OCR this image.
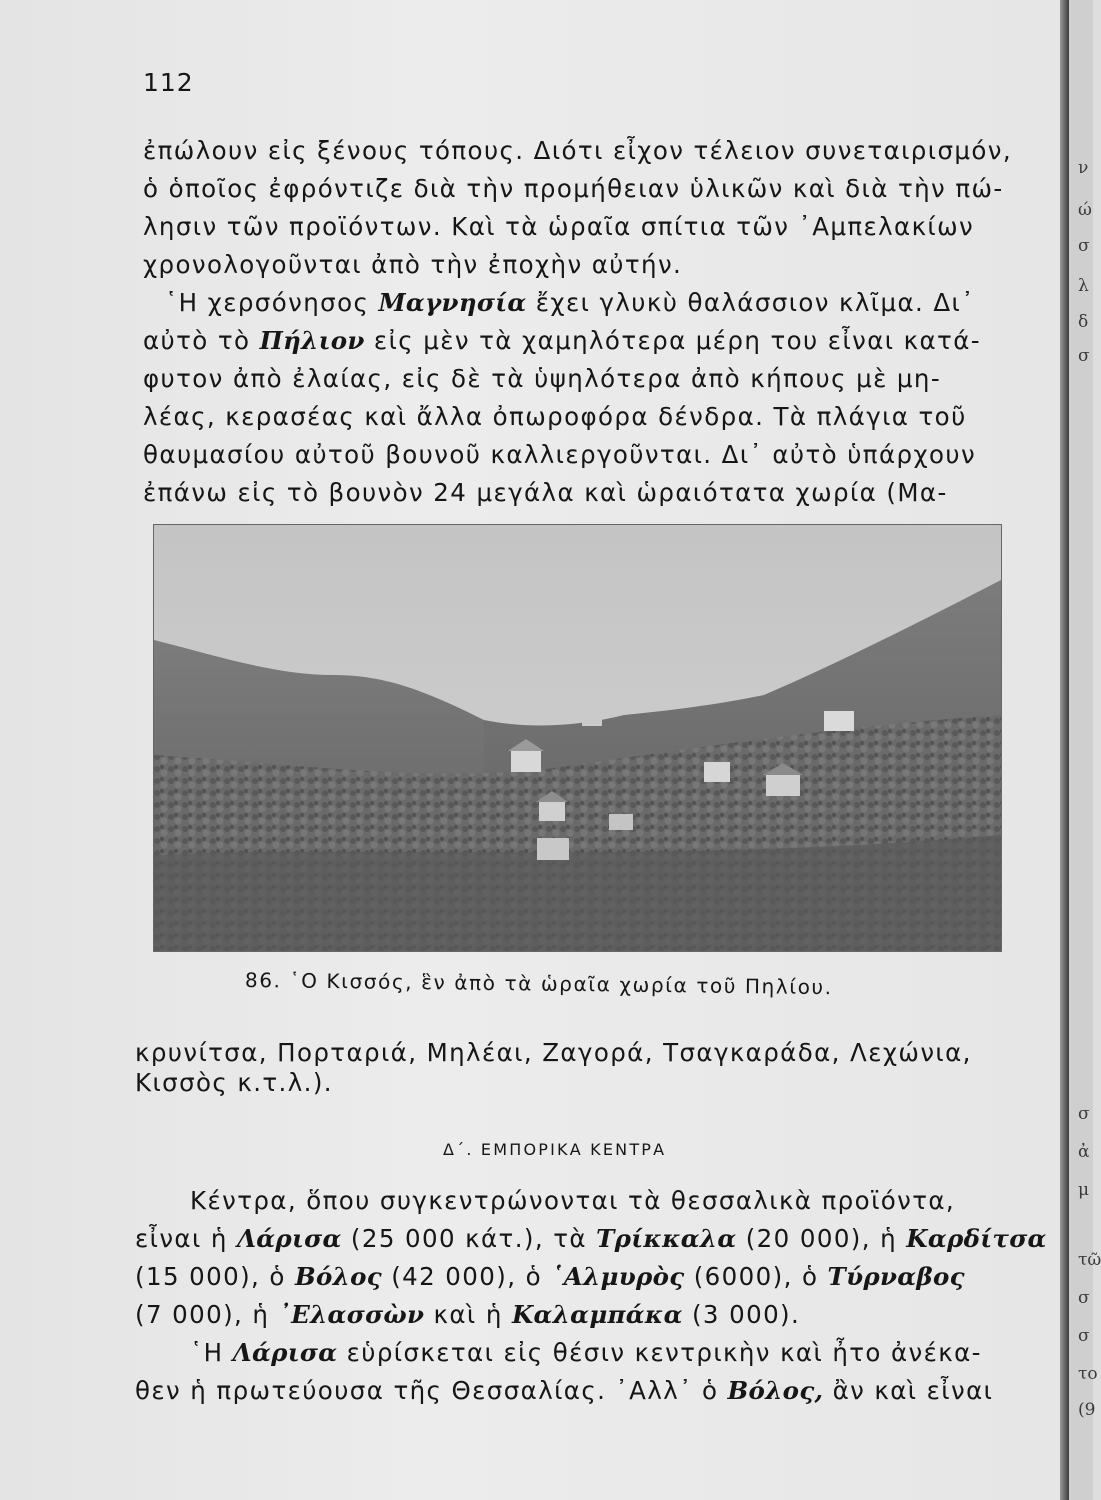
112
ἐπώλουν εἰς ξένους τόπους. Διότι εἶχον τέλειον συνεταιρισμόν,
ὁ ὁποῖος ἐφρόντιζε διὰ τὴν προμήθειαν ὑλικῶν καὶ διὰ τὴν πώ-
λησιν τῶν προϊόντων. Καὶ τὰ ὡραῖα σπίτια τῶν ᾿Αμπελακίων
χρονολογοῦνται ἀπὸ τὴν ἐποχὴν αὐτήν.
῾Η χερσόνησος Μαγνησία ἔχει γλυκὺ θαλάσσιον κλῖμα. Δι᾿
αὐτὸ τὸ Πήλιον εἰς μὲν τὰ χαμηλότερα μέρη του εἶναι κατά-
φυτον ἀπὸ ἐλαίας, εἰς δὲ τὰ ὑψηλότερα ἀπὸ κήπους μὲ μη-
λέας, κερασέας καὶ ἄλλα ὀπωροφόρα δένδρα. Τὰ πλάγια τοῦ
θαυμασίου αὐτοῦ βουνοῦ καλλιεργοῦνται. Δι᾿ αὐτὸ ὑπάρχουν
ἐπάνω εἰς τὸ βουνὸν 24 μεγάλα καὶ ὡραιότατα χωρία (Μα-
86. ῾Ο Κισσός, ἓν ἀπὸ τὰ ὡραῖα χωρία τοῦ Πηλίου.
κρυνίτσα, Πορταριά, Μηλέαι, Ζαγορά, Τσαγκαράδα, Λεχώνια,
Κισσὸς κ.τ.λ.).
Δ΄. ΕΜΠΟΡΙΚΑ ΚΕΝΤΡΑ
Κέντρα, ὅπου συγκεντρώνονται τὰ θεσσαλικὰ προϊόντα,
εἶναι ἡ Λάρισα (25 000 κάτ.), τὰ Τρίκκαλα (20 000), ἡ Καρδίτσα
(15 000), ὁ Βόλος (42 000), ὁ ῾Αλμυρὸς (6000), ὁ Τύρναβος
(7 000), ἡ ᾿Ελασσὼν καὶ ἡ Καλαμπάκα (3 000).
῾Η Λάρισα εὑρίσκεται εἰς θέσιν κεντρικὴν καὶ ἦτο ἀνέκα-
θεν ἡ πρωτεύουσα τῆς Θεσσαλίας. ᾿Αλλ᾿ ὁ Βόλος, ἂν καὶ εἶναι
ν
ώ
σ
λ
δ
σ
σ
ἀ
μ
τῶ
σ
σ
το
(9
